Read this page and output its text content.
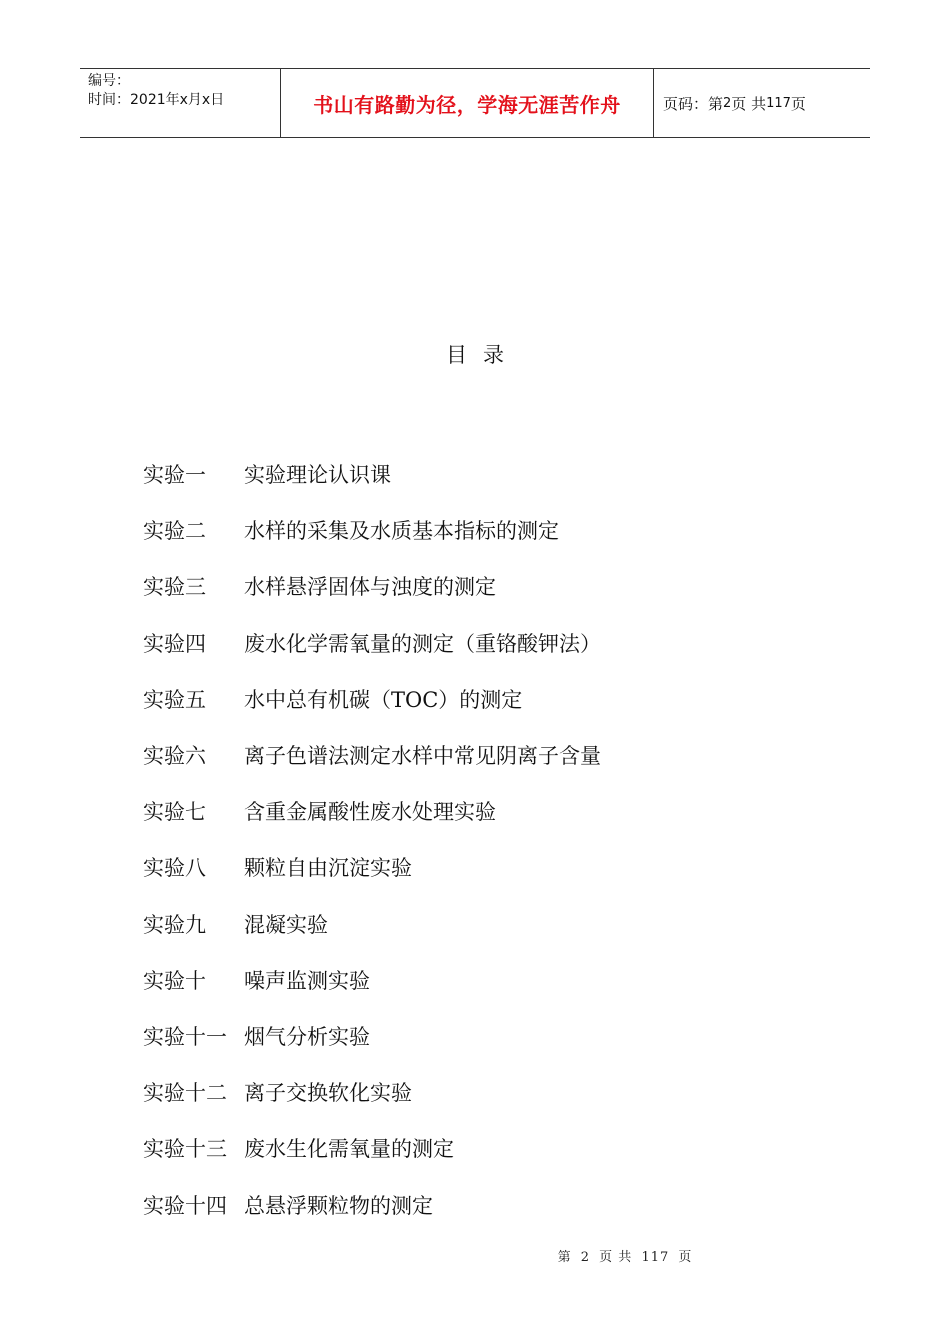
编号：
时间：2021年x月x日	书山有路勤为径，学海无涯苦作舟	页码：第 2 页 共 117 页
目录
实验一	实验理论认识课
实验二	水样的采集及水质基本指标的测定
实验三	水样悬浮固体与浊度的测定
实验四	废水化学需氧量的测定（重铬酸钾法）
实验五	水中总有机碳（TOC）的测定
实验六	离子色谱法测定水样中常见阴离子含量
实验七	含重金属酸性废水处理实验
实验八	颗粒自由沉淀实验
实验九	混凝实验
实验十	噪声监测实验
实验十一 烟气分析实验
实验十二 离子交换软化实验
实验十三 废水生化需氧量的测定
实验十四 总悬浮颗粒物的测定
第 2 页 共 117 页
